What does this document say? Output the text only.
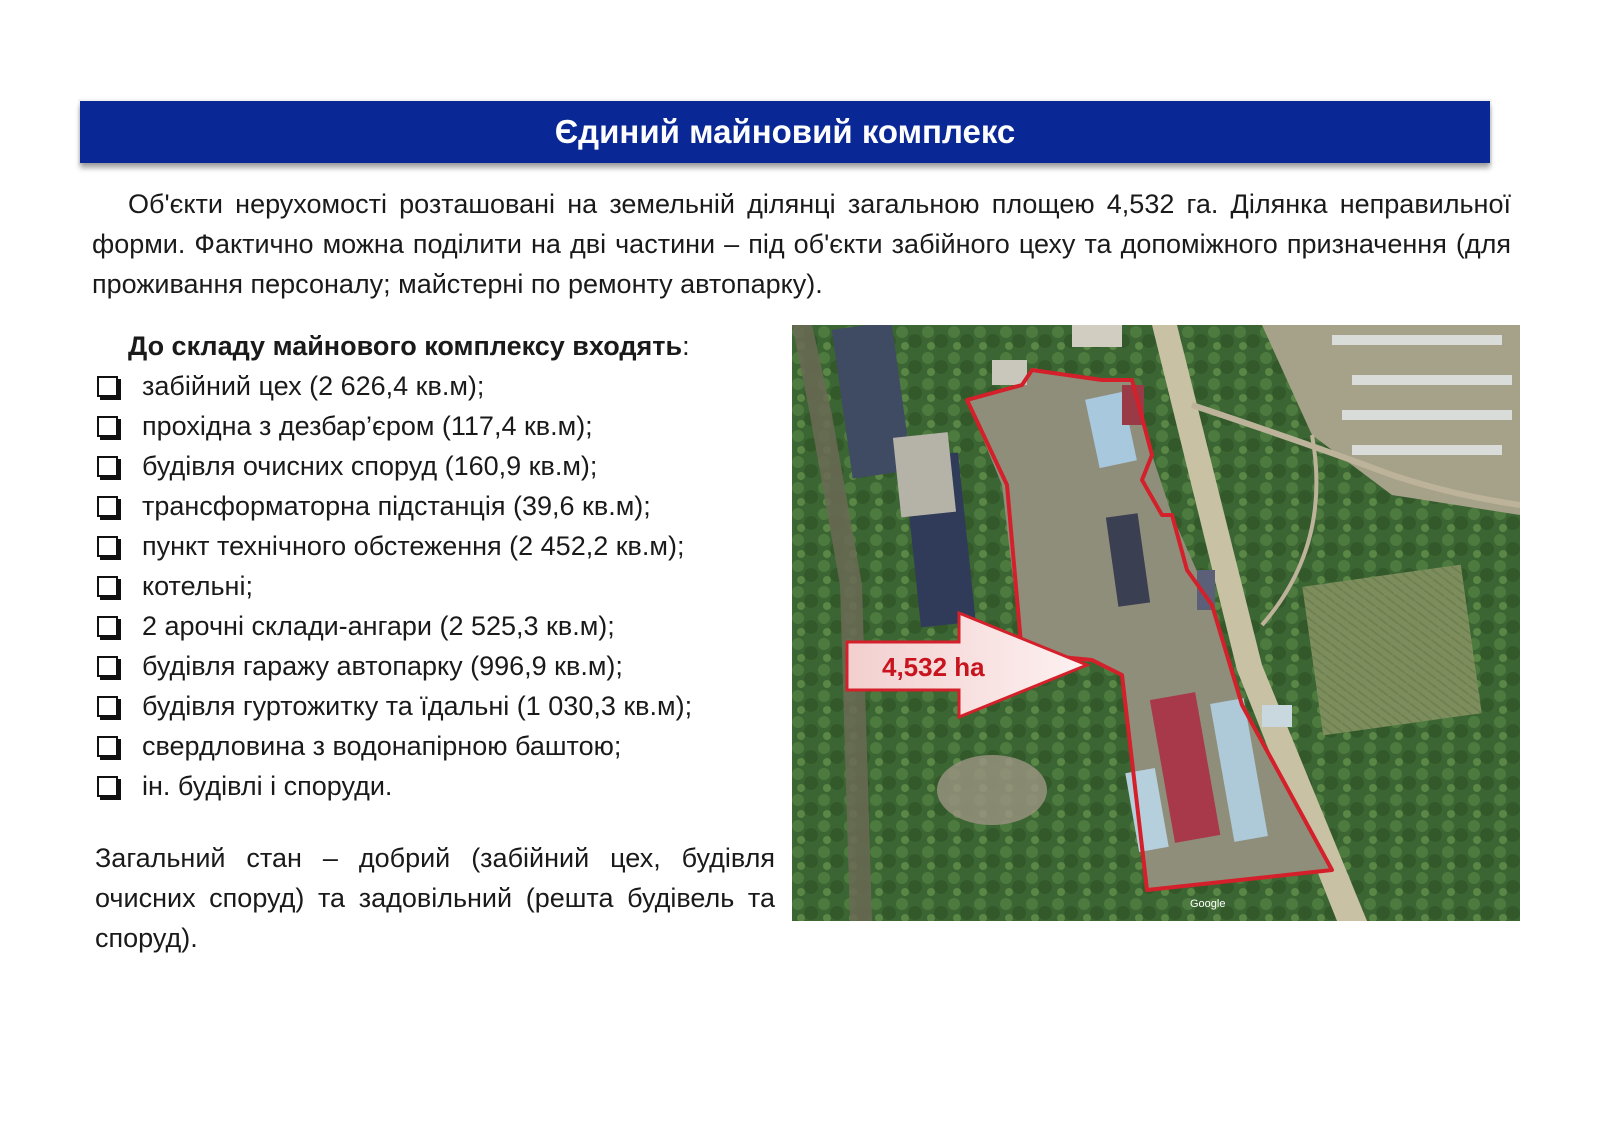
Єдиний майновий комплекс

Об'єкти нерухомості розташовані на земельній ділянці загальною площею 4,532 га. Ділянка неправильної форми. Фактично можна поділити на дві частини – під об'єкти забійного цеху та допоміжного призначення (для проживання персоналу; майстерні по ремонту автопарку).

До складу майнового комплексу входять:

забійний цех (2 626,4 кв.м);
прохідна з дезбар’єром (117,4 кв.м);
будівля очисних споруд (160,9 кв.м);
трансформаторна підстанція (39,6 кв.м);
пункт технічного обстеження (2 452,2 кв.м);
котельні;
2 арочні склади-ангари (2 525,3 кв.м);
будівля гаражу автопарку (996,9 кв.м);
будівля гуртожитку та їдальні (1 030,3 кв.м);
свердловина з водонапірною баштою;
ін. будівлі і споруди.

Загальний стан – добрий (забійний цех, будівля очисних споруд) та задовільний (решта будівель та споруд).

4,532 ha
Google
